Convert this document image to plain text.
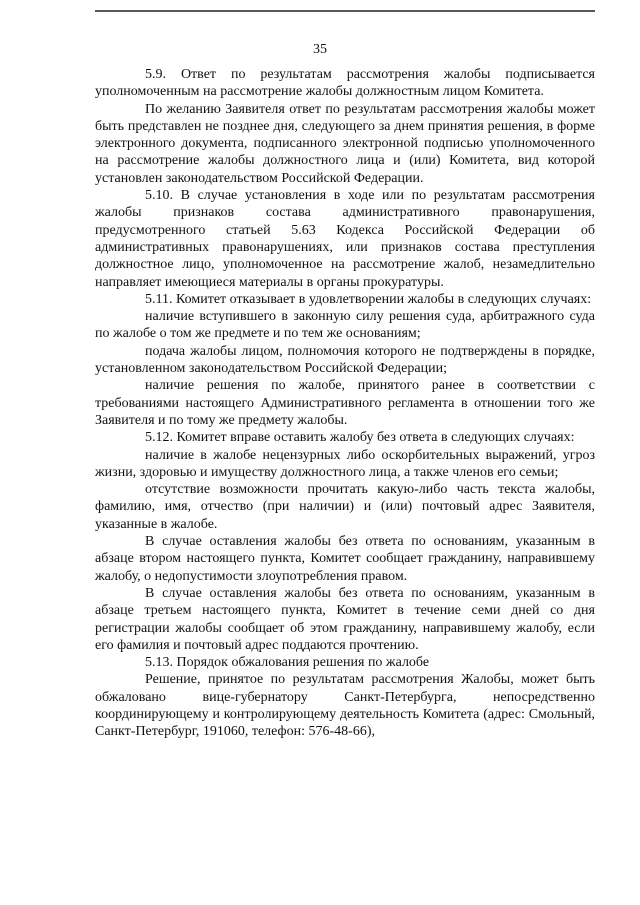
35

5.9. Ответ по результатам рассмотрения жалобы подписывается уполномоченным на рассмотрение жалобы должностным лицом Комитета.

По желанию Заявителя ответ по результатам рассмотрения жалобы может быть представлен не позднее дня, следующего за днем принятия решения, в форме электронного документа, подписанного электронной подписью уполномоченного на рассмотрение жалобы должностного лица и (или) Комитета, вид которой установлен законодательством Российской Федерации.

5.10. В случае установления в ходе или по результатам рассмотрения жалобы признаков состава административного правонарушения, предусмотренного статьей 5.63 Кодекса Российской Федерации об административных правонарушениях, или признаков состава преступления должностное лицо, уполномоченное на рассмотрение жалоб, незамедлительно направляет имеющиеся материалы в органы прокуратуры.

5.11. Комитет отказывает в удовлетворении жалобы в следующих случаях:

наличие вступившего в законную силу решения суда, арбитражного суда по жалобе о том же предмете и по тем же основаниям;

подача жалобы лицом, полномочия которого не подтверждены в порядке, установленном законодательством Российской Федерации;

наличие решения по жалобе, принятого ранее в соответствии с требованиями настоящего Административного регламента в отношении того же Заявителя и по тому же предмету жалобы.

5.12. Комитет вправе оставить жалобу без ответа в следующих случаях:

наличие в жалобе нецензурных либо оскорбительных выражений, угроз жизни, здоровью и имуществу должностного лица, а также членов его семьи;

отсутствие возможности прочитать какую-либо часть текста жалобы, фамилию, имя, отчество (при наличии) и (или) почтовый адрес Заявителя, указанные в жалобе.

В случае оставления жалобы без ответа по основаниям, указанным в абзаце втором настоящего пункта, Комитет сообщает гражданину, направившему жалобу, о недопустимости злоупотребления правом.

В случае оставления жалобы без ответа по основаниям, указанным в абзаце третьем настоящего пункта, Комитет в течение семи дней со дня регистрации жалобы сообщает об этом гражданину, направившему жалобу, если его фамилия и почтовый адрес поддаются прочтению.

5.13. Порядок обжалования решения по жалобе

Решение, принятое по результатам рассмотрения Жалобы, может быть обжаловано вице-губернатору Санкт-Петербурга, непосредственно координирующему и контролирующему деятельность Комитета (адрес: Смольный, Санкт-Петербург, 191060, телефон: 576-48-66),
